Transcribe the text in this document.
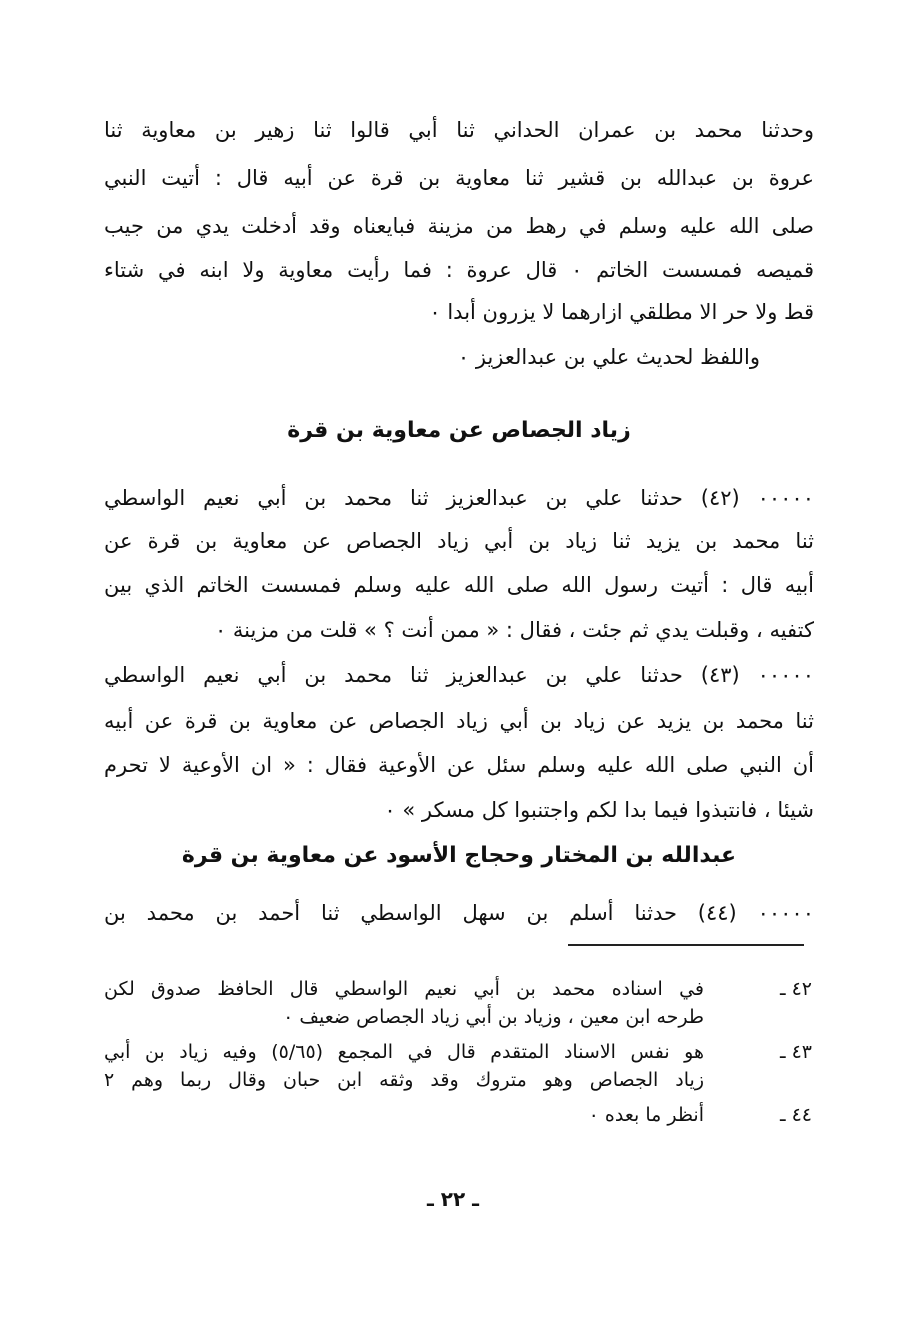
وحدثنا محمد بن عمران الحداني ثنا أبي قالوا ثنا زهير بن معاوية ثنا
عروة بن عبدالله بن قشير ثنا معاوية بن قرة عن أبيه قال : أتيت النبي
صلى الله عليه وسلم في رهط من مزينة فبايعناه وقد أدخلت يدي من جيب
قميصه فمسست الخاتم ٠ قال عروة : فما رأيت معاوية ولا ابنه في شتاء
قط ولا حر الا مطلقي ازارهما لا يزرون أبدا ٠
واللفظ لحديث علي بن عبدالعزيز ٠
زياد الجصاص عن معاوية بن قرة
٠٠٠٠٠ (٤٢) حدثنا علي بن عبدالعزيز ثنا محمد بن أبي نعيم الواسطي
ثنا محمد بن يزيد ثنا زياد بن أبي زياد الجصاص عن معاوية بن قرة عن
أبيه قال : أتيت رسول الله صلى الله عليه وسلم فمسست الخاتم الذي بين
كتفيه ، وقبلت يدي ثم جئت ، فقال : « ممن أنت ؟ » قلت من مزينة ٠
٠٠٠٠٠ (٤٣) حدثنا علي بن عبدالعزيز ثنا محمد بن أبي نعيم الواسطي
ثنا محمد بن يزيد عن زياد بن أبي زياد الجصاص عن معاوية بن قرة عن أبيه
أن النبي صلى الله عليه وسلم سئل عن الأوعية فقال : « ان الأوعية لا تحرم
شيئا ، فانتبذوا فيما بدا لكم واجتنبوا كل مسكر » ٠
عبدالله بن المختار وحجاج الأسود عن معاوية بن قرة
٠٠٠٠٠ (٤٤) حدثنا أسلم بن سهل الواسطي ثنا أحمد بن محمد بن
٤٢ ـ
في اسناده محمد بن أبي نعيم الواسطي قال الحافظ صدوق لكن
طرحه ابن معين ، وزياد بن أبي زياد الجصاص ضعيف ٠
٤٣ ـ
هو نفس الاسناد المتقدم قال في المجمع (٥/٦٥) وفيه زياد بن أبي
زياد الجصاص وهو متروك وقد وثقه ابن حبان وقال ربما وهم ٢
٤٤ ـ
أنظر ما بعده ٠
ـ ٢٢ ـ
